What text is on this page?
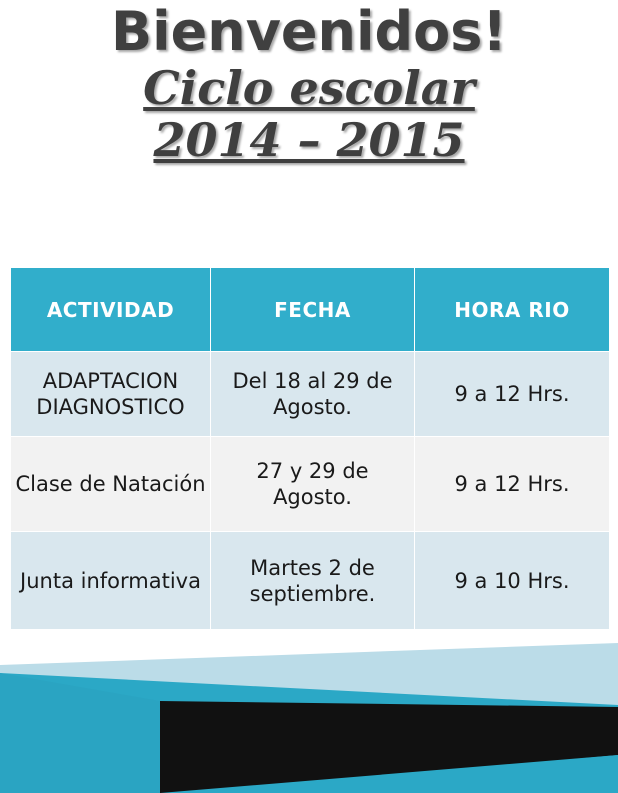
Bienvenidos!
Ciclo escolar
2014 – 2015
ACTIVIDAD	FECHA	HORA RIO
ADAPTACION DIAGNOSTICO	Del 18 al 29 de Agosto.	9 a 12 Hrs.
Clase de Natación	27 y 29 de Agosto.	9 a 12 Hrs.
Junta informativa	Martes 2 de septiembre.	9 a 10 Hrs.
